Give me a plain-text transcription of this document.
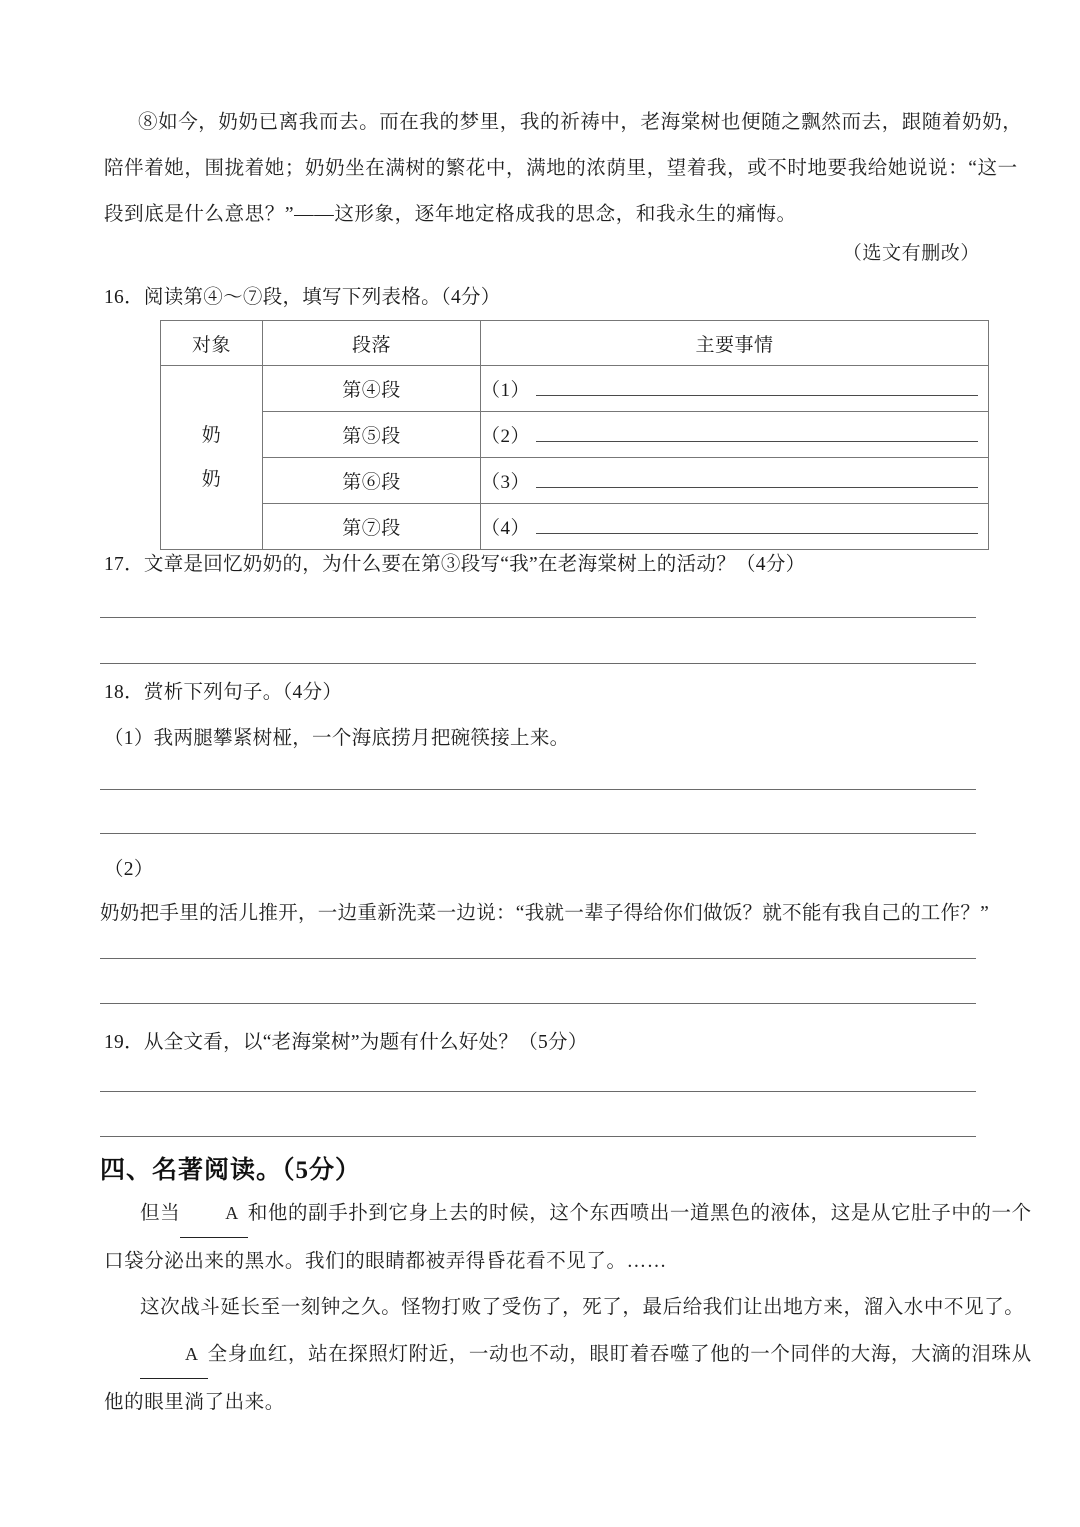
⑧如今，奶奶已离我而去。而在我的梦里，我的祈祷中，老海棠树也便随之飘然而去，跟随着奶奶，
陪伴着她，围拢着她；奶奶坐在满树的繁花中，满地的浓荫里，望着我，或不时地要我给她说说：“这一
段到底是什么意思？”——这形象，逐年地定格成我的思念，和我永生的痛悔。
（选文有删改）
16．阅读第④～⑦段，填写下列表格。（4分）
对象	段落	主要事情

奶
奶	第④段	（1）

	第⑤段	（2）

	第⑥段	（3）

	第⑦段	（4）
17．文章是回忆奶奶的，为什么要在第③段写“我”在老海棠树上的活动？（4分）
18．赏析下列句子。（4分）
（1）我两腿攀紧树桠，一个海底捞月把碗筷接上来。
（2）
奶奶把手里的活儿推开，一边重新洗菜一边说：“我就一辈子得给你们做饭？就不能有我自己的工作？”
19．从全文看，以“老海棠树”为题有什么好处？（5分）
四、名著阅读。（5分）
但当	A 和他的副手扑到它身上去的时候，这个东西喷出一道黑色的液体，这是从它肚子中的一个
口袋分泌出来的黑水。我们的眼睛都被弄得昏花看不见了。……
这次战斗延长至一刻钟之久。怪物打败了受伤了，死了，最后给我们让出地方来，溜入水中不见了。
A 全身血红，站在探照灯附近，一动也不动，眼盯着吞噬了他的一个同伴的大海，大滴的泪珠从
他的眼里淌了出来。
